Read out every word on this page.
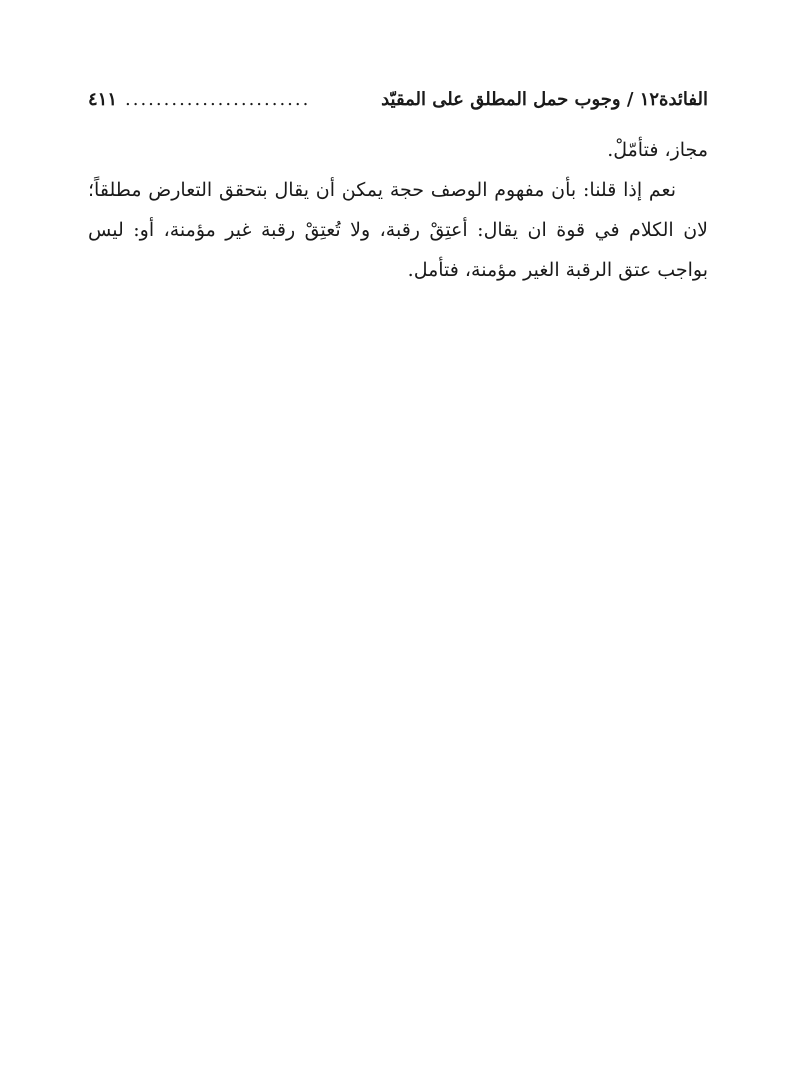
الفائدة١٢ / وجوب حمل المطلق على المقيّد
........................
٤١١

مجاز، فتأمّلْ.

نعم إذا قلنا: بأن مفهوم الوصف حجة يمكن أن يقال بتحقق التعارض مطلقاً؛ لان الكلام في قوة ان يقال: أعتِقْ رقبة، ولا تُعتِقْ رقبة غير مؤمنة، أو: ليس بواجب عتق الرقبة الغير مؤمنة، فتأمل.
